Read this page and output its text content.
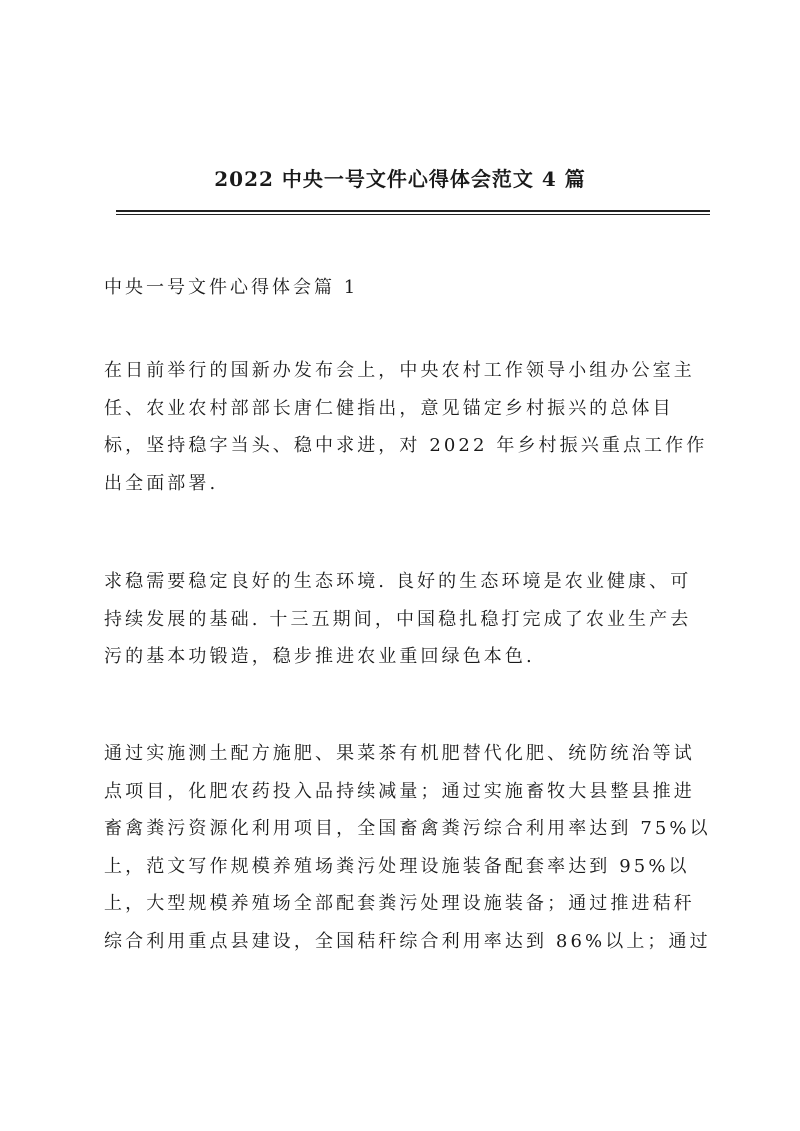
2022 中央一号文件心得体会范文 4 篇
中央一号文件心得体会篇 1
在日前举行的国新办发布会上，中央农村工作领导小组办公室主
任、农业农村部部长唐仁健指出，意见锚定乡村振兴的总体目
标，坚持稳字当头、稳中求进，对 2022 年乡村振兴重点工作作
出全面部署.
求稳需要稳定良好的生态环境. 良好的生态环境是农业健康、可
持续发展的基础. 十三五期间，中国稳扎稳打完成了农业生产去
污的基本功锻造，稳步推进农业重回绿色本色.
通过实施测土配方施肥、果菜茶有机肥替代化肥、统防统治等试
点项目，化肥农药投入品持续减量；通过实施畜牧大县整县推进
畜禽粪污资源化利用项目，全国畜禽粪污综合利用率达到 75%以
上，范文写作规模养殖场粪污处理设施装备配套率达到 95%以
上，大型规模养殖场全部配套粪污处理设施装备；通过推进秸秆
综合利用重点县建设，全国秸秆综合利用率达到 86%以上；通过
